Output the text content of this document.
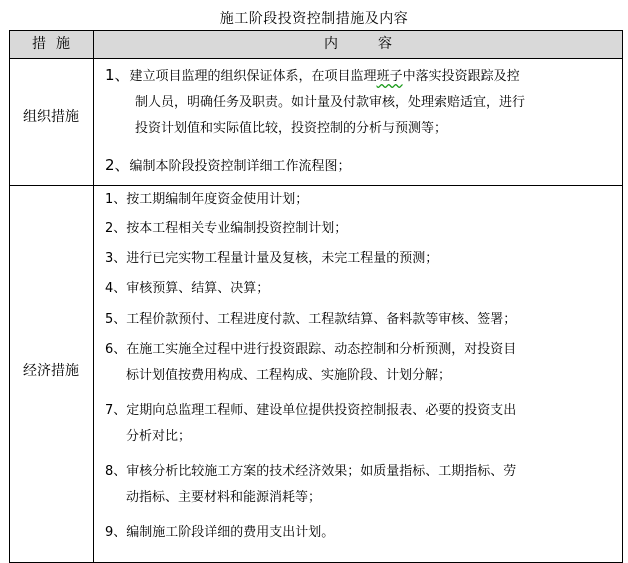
施工阶段投资控制措施及内容
措施	内容
组织措施
1、建立项目监理的组织保证体系，在项目监理班子中落实投资跟踪及控
制人员，明确任务及职责。如计量及付款审核，处理索赔适宜，进行
投资计划值和实际值比较，投资控制的分析与预测等；
2、编制本阶段投资控制详细工作流程图；
经济措施
1、按工期编制年度资金使用计划；
2、按本工程相关专业编制投资控制计划；
3、进行已完实物工程量计量及复核，未完工程量的预测；
4、审核预算、结算、决算；
5、工程价款预付、工程进度付款、工程款结算、备料款等审核、签署；
6、在施工实施全过程中进行投资跟踪、动态控制和分析预测，对投资目
标计划值按费用构成、工程构成、实施阶段、计划分解；
7、定期向总监理工程师、建设单位提供投资控制报表、必要的投资支出
分析对比；
8、审核分析比较施工方案的技术经济效果；如质量指标、工期指标、劳
动指标、主要材料和能源消耗等；
9、编制施工阶段详细的费用支出计划。
